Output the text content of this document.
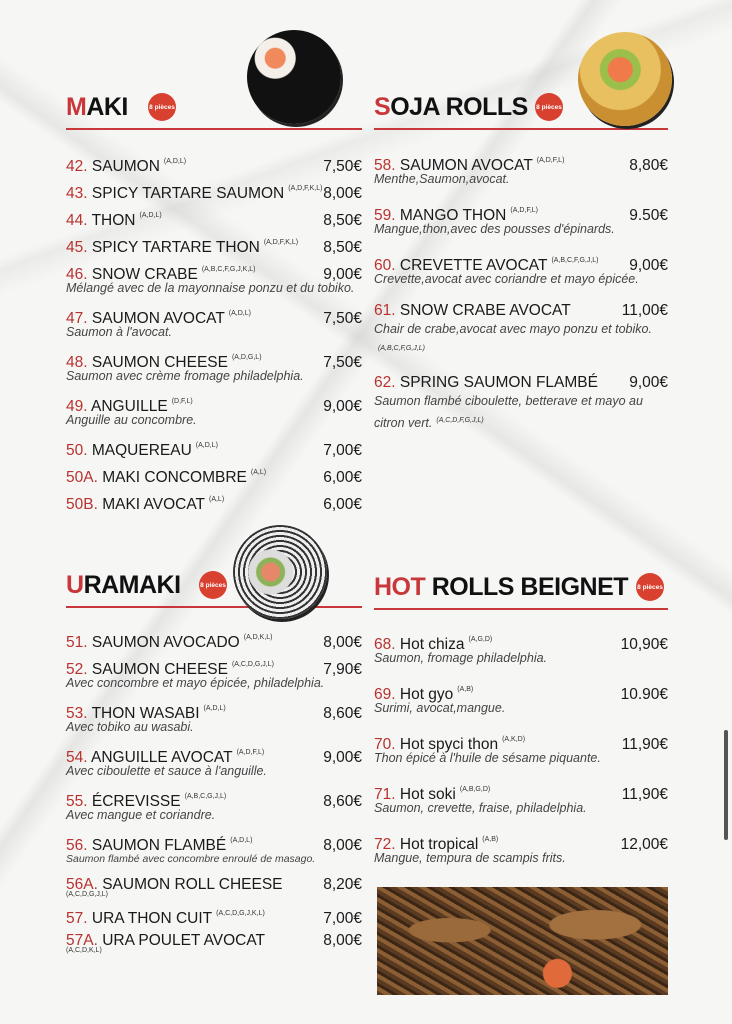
MAKI	8 pièces
42. SAUMON $^{(A,D,L)}$	7,50€
43. SPICY TARTARE SAUMON $^{(A,D,F,K,L)}$ 8,00€
44. THON $^{(A,D,L)}$	8,50€
45. SPICY TARTARE THON $^{(A,D,F,K,L)}$ 8,50€
46. SNOW CRABE $^{(A,B,C,F,G,J,K,L)}$	9,00€
Mélangé avec de la mayonnaise ponzu et du tobiko.
47. SAUMON AVOCAT $^{(A,D,L)}$	7,50€
Saumon à l'avocat.
48. SAUMON CHEESE $^{(A,D,G,L)}$	7,50€
Saumon avec crème fromage philadelphia.
49. ANGUILLE $^{(D,F,L)}$	9,00€
Anguille au concombre.
50. MAQUEREAU $^{(A,D,L)}$	7,00€
50A. MAKI CONCOMBRE $^{(A,L)}$	6,00€
50B. MAKI AVOCAT $^{(A,L)}$	6,00€
SOJA ROLLS 8 pièces
58. SAUMON AVOCAT $^{(A,D,F,L)}$	8,80€
Menthe,Saumon,avocat.
59. MANGO THON $^{(A,D,F,L)}$	9.50€
Mangue,thon,avec des pousses d'épinards.
60. CREVETTE AVOCAT $^{(A,B,C,F,G,J,L)}$ 9,00€
Crevette,avocat avec coriandre et mayo épicée.
61. SNOW CRABE AVOCAT	11,00€
Chair de crabe,avocat avec mayo ponzu et tobiko.$^{(A,B,C,F,G,J,L)}$
62. SPRING SAUMON FLAMBÉ 9,00€
Saumon flambé ciboulette, betterave et mayo au citron vert. $^{(A,C,D,F,G,J,L)}$
URAMAKI	8 pièces
51. SAUMON AVOCADO $^{(A,D,K,L)}$	8,00€
52. SAUMON CHEESE $^{(A,C,D,G,J,L)}$	7,90€
Avec concombre et mayo épicée, philadelphia.
53. THON WASABI $^{(A,D,L)}$	8,60€
Avec tobiko au wasabi.
54. ANGUILLE AVOCAT $^{(A,D,F,L)}$	9,00€
Avec ciboulette et sauce à l'anguille.
55. ÉCREVISSE $^{(A,B,C,G,J,L)}$	8,60€
Avec mangue et coriandre.
56. SAUMON FLAMBÉ $^{(A,D,L)}$	8,00€
Saumon flambé avec concombre enroulé de masago.
56A. SAUMON ROLL CHEESE	8,20€
(A,C,D,G,J,L)
57. URA THON CUIT $^{(A,C,D,G,J,K,L)}$	7,00€
57A. URA POULET AVOCAT	8,00€
(A,C,D,K,L)
HOT ROLLS BEIGNET 8 pièces
68. Hot chiza $^{(A,G,D)}$	10,90€
Saumon, fromage philadelphia.
69. Hot gyo $^{(A,B)}$	10.90€
Surimi, avocat,mangue.
70. Hot spyci thon $^{(A,K,D)}$	11,90€
Thon épicé à l'huile de sésame piquante.
71. Hot soki $^{(A,B,G,D)}$	11,90€
Saumon, crevette, fraise, philadelphia.
72. Hot tropical $^{(A,B)}$	12,00€
Mangue, tempura de scampis frits.
